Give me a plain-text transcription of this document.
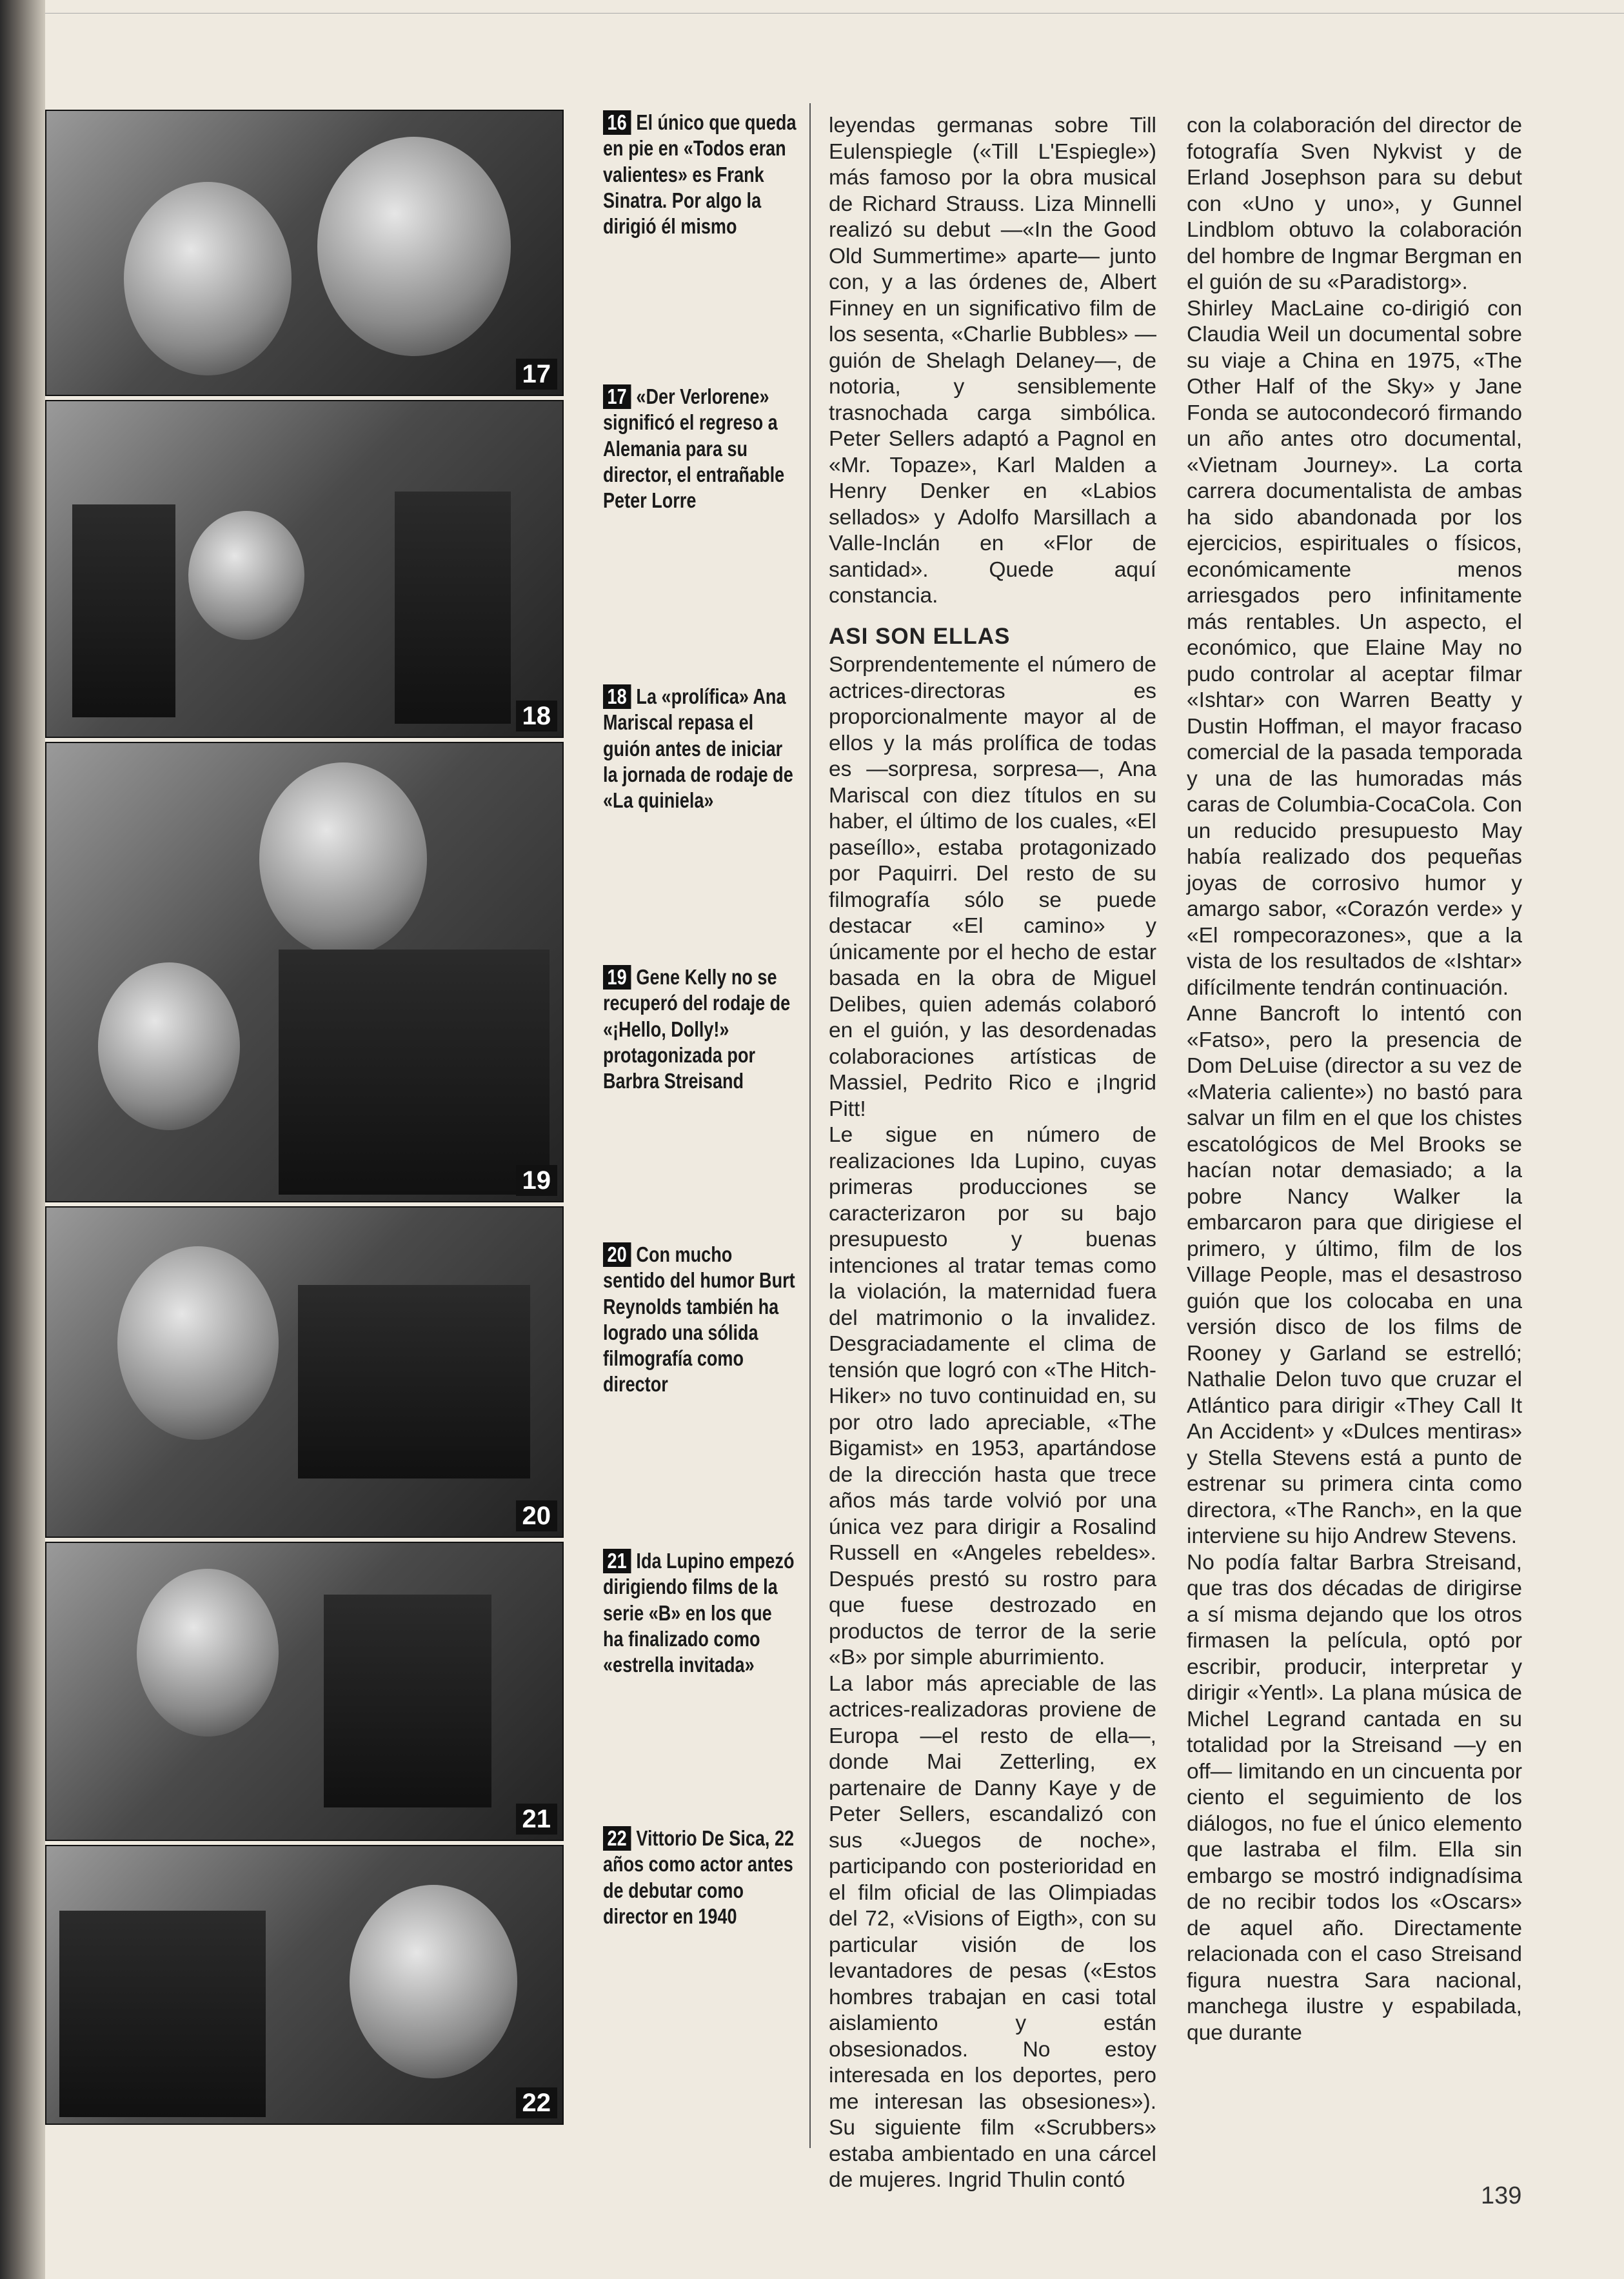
17
18
19
20
21
22
16 El único que queda en pie en «Todos eran valientes» es Frank Sinatra. Por algo la dirigió él mismo
17 «Der Verlorene» significó el regreso a Alemania para su director, el entrañable Peter Lorre
18 La «prolífica» Ana Mariscal repasa el guión antes de iniciar la jornada de rodaje de «La quiniela»
19 Gene Kelly no se recuperó del rodaje de «¡Hello, Dolly!» protagonizada por Barbra Streisand
20 Con mucho sentido del humor Burt Reynolds también ha logrado una sólida filmografía como director
21 Ida Lupino empezó dirigiendo films de la serie «B» en los que ha finalizado como «estrella invitada»
22 Vittorio De Sica, 22 años como actor antes de debutar como director en 1940

leyendas germanas sobre Till Eulenspiegle («Till L'Espiegle») más famoso por la obra musical de Richard Strauss. Liza Minnelli realizó su debut —«In the Good Old Summertime» aparte— junto con, y a las órdenes de, Albert Finney en un significativo film de los sesenta, «Charlie Bubbles» —guión de Shelagh Delaney—, de notoria, y sensiblemente trasnochada carga simbólica. Peter Sellers adaptó a Pagnol en «Mr. Topaze», Karl Malden a Henry Denker en «Labios sellados» y Adolfo Marsillach a Valle-Inclán en «Flor de santidad». Quede aquí constancia.

ASI SON ELLAS

Sorprendentemente el número de actrices-directoras es proporcionalmente mayor al de ellos y la más prolífica de todas es —sorpresa, sorpresa—, Ana Mariscal con diez títulos en su haber, el último de los cuales, «El paseíllo», estaba protagonizado por Paquirri. Del resto de su filmografía sólo se puede destacar «El camino» y únicamente por el hecho de estar basada en la obra de Miguel Delibes, quien además colaboró en el guión, y las desordenadas colaboraciones artísticas de Massiel, Pedrito Rico e ¡Ingrid Pitt!

Le sigue en número de realizaciones Ida Lupino, cuyas primeras producciones se caracterizaron por su bajo presupuesto y buenas intenciones al tratar temas como la violación, la maternidad fuera del matrimonio o la invalidez. Desgraciadamente el clima de tensión que logró con «The Hitch-Hiker» no tuvo continuidad en, su por otro lado apreciable, «The Bigamist» en 1953, apartándose de la dirección hasta que trece años más tarde volvió por una única vez para dirigir a Rosalind Russell en «Angeles rebeldes». Después prestó su rostro para que fuese destrozado en productos de terror de la serie «B» por simple aburrimiento.

La labor más apreciable de las actrices-realizadoras proviene de Europa —el resto de ella—, donde Mai Zetterling, ex partenaire de Danny Kaye y de Peter Sellers, escandalizó con sus «Juegos de noche», participando con posterioridad en el film oficial de las Olimpiadas del 72, «Visions of Eigth», con su particular visión de los levantadores de pesas («Estos hombres trabajan en casi total aislamiento y están obsesionados. No estoy interesada en los deportes, pero me interesan las obsesiones»). Su siguiente film «Scrubbers» estaba ambientado en una cárcel de mujeres. Ingrid Thulin contó

con la colaboración del director de fotografía Sven Nykvist y de Erland Josephson para su debut con «Uno y uno», y Gunnel Lindblom obtuvo la colaboración del hombre de Ingmar Bergman en el guión de su «Paradistorg».

Shirley MacLaine co-dirigió con Claudia Weil un documental sobre su viaje a China en 1975, «The Other Half of the Sky» y Jane Fonda se autocondecoró firmando un año antes otro documental, «Vietnam Journey». La corta carrera documentalista de ambas ha sido abandonada por los ejercicios, espirituales o físicos, económicamente menos arriesgados pero infinitamente más rentables. Un aspecto, el económico, que Elaine May no pudo controlar al aceptar filmar «Ishtar» con Warren Beatty y Dustin Hoffman, el mayor fracaso comercial de la pasada temporada y una de las humoradas más caras de Columbia-CocaCola. Con un reducido presupuesto May había realizado dos pequeñas joyas de corrosivo humor y amargo sabor, «Corazón verde» y «El rompecorazones», que a la vista de los resultados de «Ishtar» difícilmente tendrán continuación.

Anne Bancroft lo intentó con «Fatso», pero la presencia de Dom DeLuise (director a su vez de «Materia caliente») no bastó para salvar un film en el que los chistes escatológicos de Mel Brooks se hacían notar demasiado; a la pobre Nancy Walker la embarcaron para que dirigiese el primero, y último, film de los Village People, mas el desastroso guión que los colocaba en una versión disco de los films de Rooney y Garland se estrelló; Nathalie Delon tuvo que cruzar el Atlántico para dirigir «They Call It An Accident» y «Dulces mentiras» y Stella Stevens está a punto de estrenar su primera cinta como directora, «The Ranch», en la que interviene su hijo Andrew Stevens.

No podía faltar Barbra Streisand, que tras dos décadas de dirigirse a sí misma dejando que los otros firmasen la película, optó por escribir, producir, interpretar y dirigir «Yentl». La plana música de Michel Legrand cantada en su totalidad por la Streisand —y en off— limitando en un cincuenta por ciento el seguimiento de los diálogos, no fue el único elemento que lastraba el film. Ella sin embargo se mostró indignadísima de no recibir todos los «Oscars» de aquel año. Directamente relacionada con el caso Streisand figura nuestra Sara nacional, manchega ilustre y espabilada, que durante

139
